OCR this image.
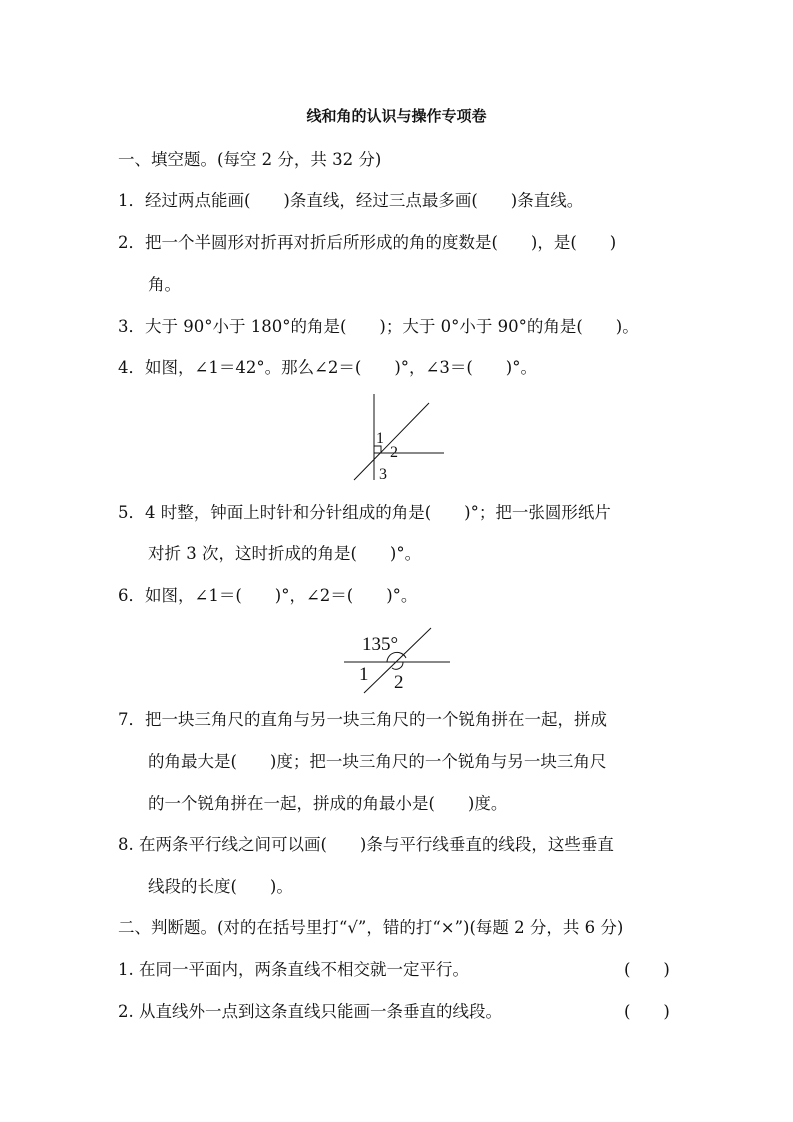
线和角的认识与操作专项卷
一、填空题。(每空 2 分，共 32 分)
1．经过两点能画(　　)条直线，经过三点最多画(　　)条直线。
2．把一个半圆形对折再对折后所形成的角的度数是(　　)，是(　　)
角。
3．大于 90°小于 180°的角是(　　)；大于 0°小于 90°的角是(　　)。
4．如图，∠1＝42°。那么∠2＝(　　)°，∠3＝(　　)°。
1
2
3
5．4 时整，钟面上时针和分针组成的角是(　　)°；把一张圆形纸片
对折 3 次，这时折成的角是(　　)°。
6．如图，∠1＝(　　)°，∠2＝(　　)°。
135°
1 2
7．把一块三角尺的直角与另一块三角尺的一个锐角拼在一起，拼成
的角最大是(　　)度；把一块三角尺的一个锐角与另一块三角尺
的一个锐角拼在一起，拼成的角最小是(　　)度。
8. 在两条平行线之间可以画(　　)条与平行线垂直的线段，这些垂直
线段的长度(　　)。
二、判断题。(对的在括号里打“√”，错的打“×”)(每题 2 分，共 6 分)
1. 在同一平面内，两条直线不相交就一定平行。	(　　)
2. 从直线外一点到这条直线只能画一条垂直的线段。	(　　)
